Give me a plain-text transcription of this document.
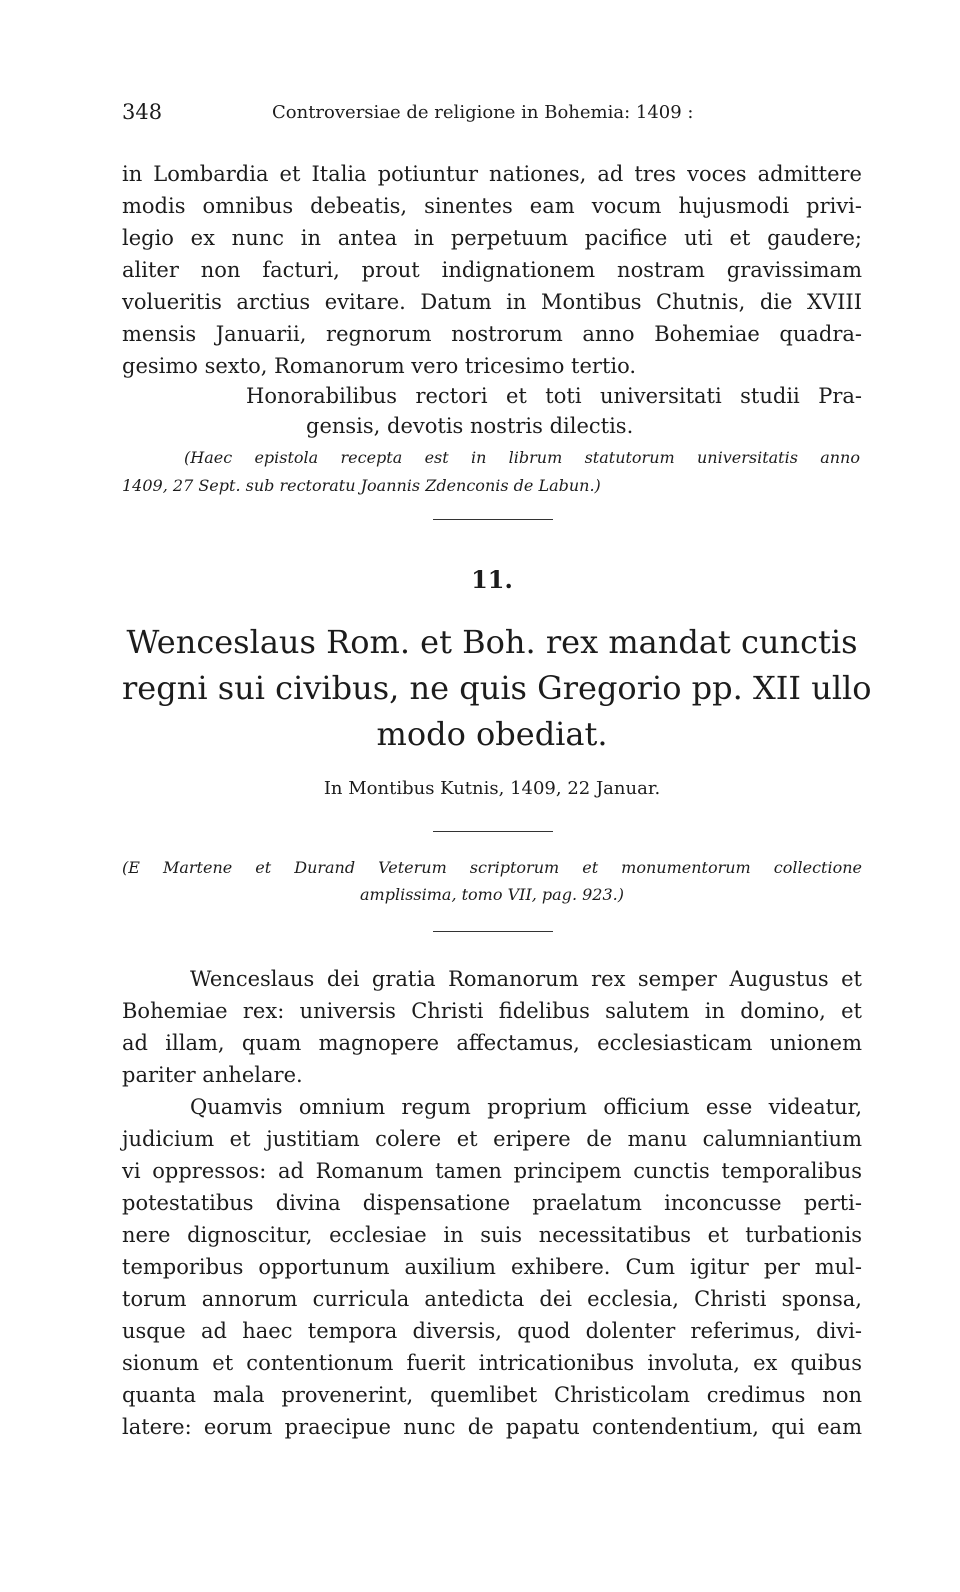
348	Controversiae de religione in Bohemia: 1409 :
in Lombardia et Italia potiuntur nationes, ad tres voces admittere
modis omnibus debeatis, sinentes eam vocum hujusmodi privi-
legio ex nunc in antea in perpetuum pacifice uti et gaudere;
aliter non facturi, prout indignationem nostram gravissimam
volueritis arctius evitare. Datum in Montibus Chutnis, die XVIII
mensis Januarii, regnorum nostrorum anno Bohemiae quadra-
gesimo sexto, Romanorum vero tricesimo tertio.
Honorabilibus rectori et toti universitati studii Pra-
gensis, devotis nostris dilectis.
(Haec epistola recepta est in librum statutorum universitatis anno
1409, 27 Sept. sub rectoratu Joannis Zdenconis de Labun.)
11.
Wenceslaus Rom. et Boh. rex mandat cunctis
regni sui civibus, ne quis Gregorio pp. XII ullo
modo obediat.
In Montibus Kutnis, 1409, 22 Januar.
(E Martene et Durand Veterum scriptorum et monumentorum collectione
amplissima, tomo VII, pag. 923.)
Wenceslaus dei gratia Romanorum rex semper Augustus et
Bohemiae rex: universis Christi fidelibus salutem in domino, et
ad illam, quam magnopere affectamus, ecclesiasticam unionem
pariter anhelare.
Quamvis omnium regum proprium officium esse videatur,
judicium et justitiam colere et eripere de manu calumniantium
vi oppressos: ad Romanum tamen principem cunctis temporalibus
potestatibus divina dispensatione praelatum inconcusse perti-
nere dignoscitur, ecclesiae in suis necessitatibus et turbationis
temporibus opportunum auxilium exhibere. Cum igitur per mul-
torum annorum curricula antedicta dei ecclesia, Christi sponsa,
usque ad haec tempora diversis, quod dolenter referimus, divi-
sionum et contentionum fuerit intricationibus involuta, ex quibus
quanta mala provenerint, quemlibet Christicolam credimus non
latere: eorum praecipue nunc de papatu contendentium, qui eam
